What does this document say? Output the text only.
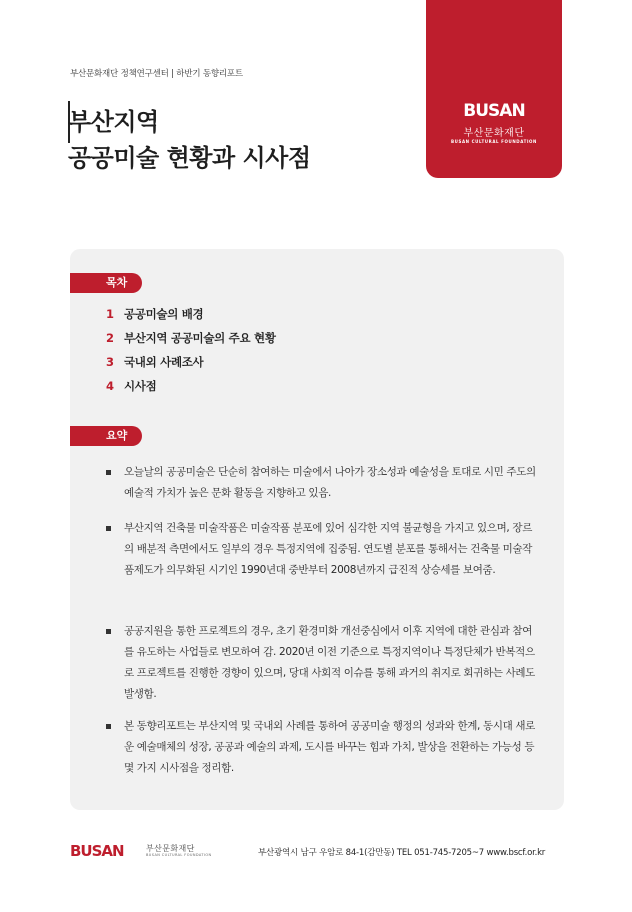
부산문화재단 정책연구센터 | 하반기 동향리포트
부산지역
공공미술 현황과 시사점
BUSAN
부산문화재단
BUSAN CULTURAL FOUNDATION
목차
1 공공미술의 배경
2 부산지역 공공미술의 주요 현황
3 국내외 사례조사
4 시사점
요약
오늘날의 공공미술은 단순히 참여하는 미술에서 나아가 장소성과 예술성을 토대로 시민 주도의 예술적 가치가 높은 문화 활동을 지향하고 있음.
부산지역 건축물 미술작품은 미술작품 분포에 있어 심각한 지역 불균형을 가지고 있으며, 장르의 배분적 측면에서도 일부의 경우 특정지역에 집중됨. 연도별 분포를 통해서는 건축물 미술작품제도가 의무화된 시기인 1990년대 중반부터 2008년까지 급진적 상승세를 보여줌.
공공지원을 통한 프로젝트의 경우, 초기 환경미화 개선중심에서 이후 지역에 대한 관심과 참여를 유도하는 사업들로 변모하여 감. 2020년 이전 기준으로 특정지역이나 특정단체가 반복적으로 프로젝트를 진행한 경향이 있으며, 당대 사회적 이슈를 통해 과거의 취지로 회귀하는 사례도 발생함.
본 동향리포트는 부산지역 및 국내외 사례를 통하여 공공미술 행정의 성과와 한계, 동시대 새로운 예술매체의 성장, 공공과 예술의 과제, 도시를 바꾸는 힘과 가치, 발상을 전환하는 가능성 등 몇 가지 시사점을 정리함.
BUSAN	부산문화재단
BUSAN CULTURAL FOUNDATION	부산광역시 남구 우암로 84-1(감만동) TEL 051-745-7205~7 www.bscf.or.kr
